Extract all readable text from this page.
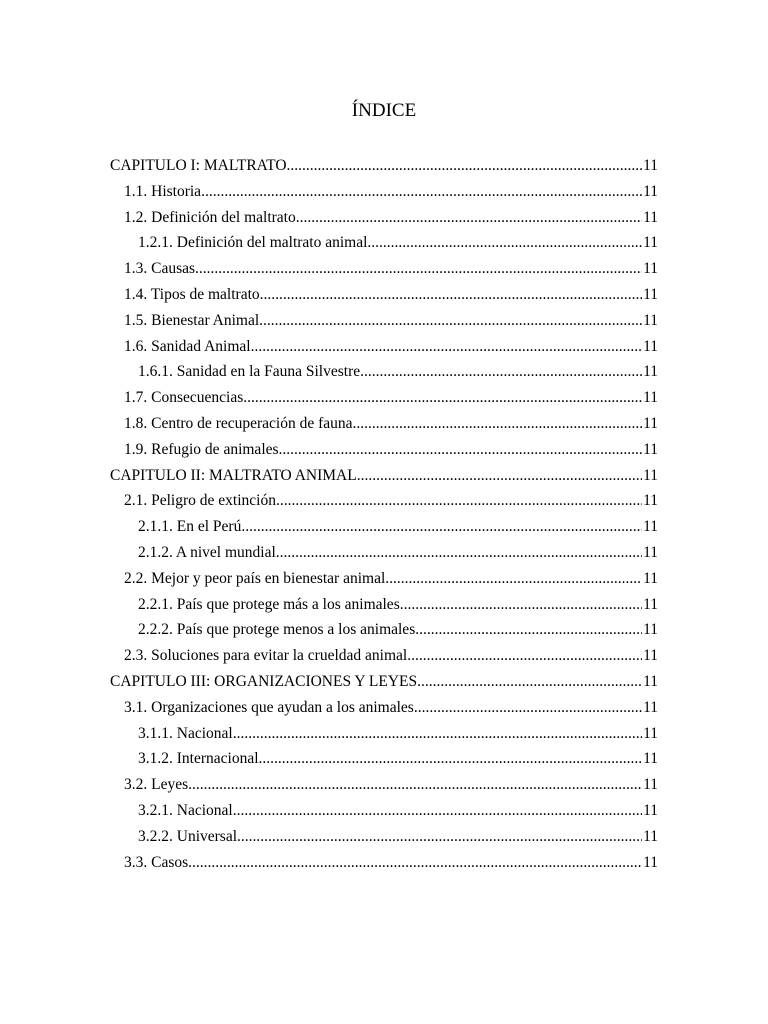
ÍNDICE
CAPITULO I: MALTRATO .....	11
1.1. Historia .....	11
1.2. Definición del maltrato .....	11
1.2.1. Definición del maltrato animal .....	11
1.3. Causas .....	11
1.4. Tipos de maltrato .....	11
1.5. Bienestar Animal .....	11
1.6. Sanidad Animal .....	11
1.6.1. Sanidad en la Fauna Silvestre .....	11
1.7. Consecuencias .....	11
1.8. Centro de recuperación de fauna .....	11
1.9. Refugio de animales .....	11
CAPITULO II: MALTRATO ANIMAL .....	11
2.1. Peligro de extinción .....	11
2.1.1. En el Perú .....	11
2.1.2. A nivel mundial .....	11
2.2. Mejor y peor país en bienestar animal .....	11
2.2.1. País que protege más a los animales .....	11
2.2.2. País que protege menos a los animales .....	11
2.3. Soluciones para evitar la crueldad animal .....	11
CAPITULO III: ORGANIZACIONES Y LEYES .....	11
3.1. Organizaciones que ayudan a los animales .....	11
3.1.1. Nacional .....	11
3.1.2. Internacional .....	11
3.2. Leyes .....	11
3.2.1. Nacional .....	11
3.2.2. Universal .....	11
3.3. Casos .....	11
